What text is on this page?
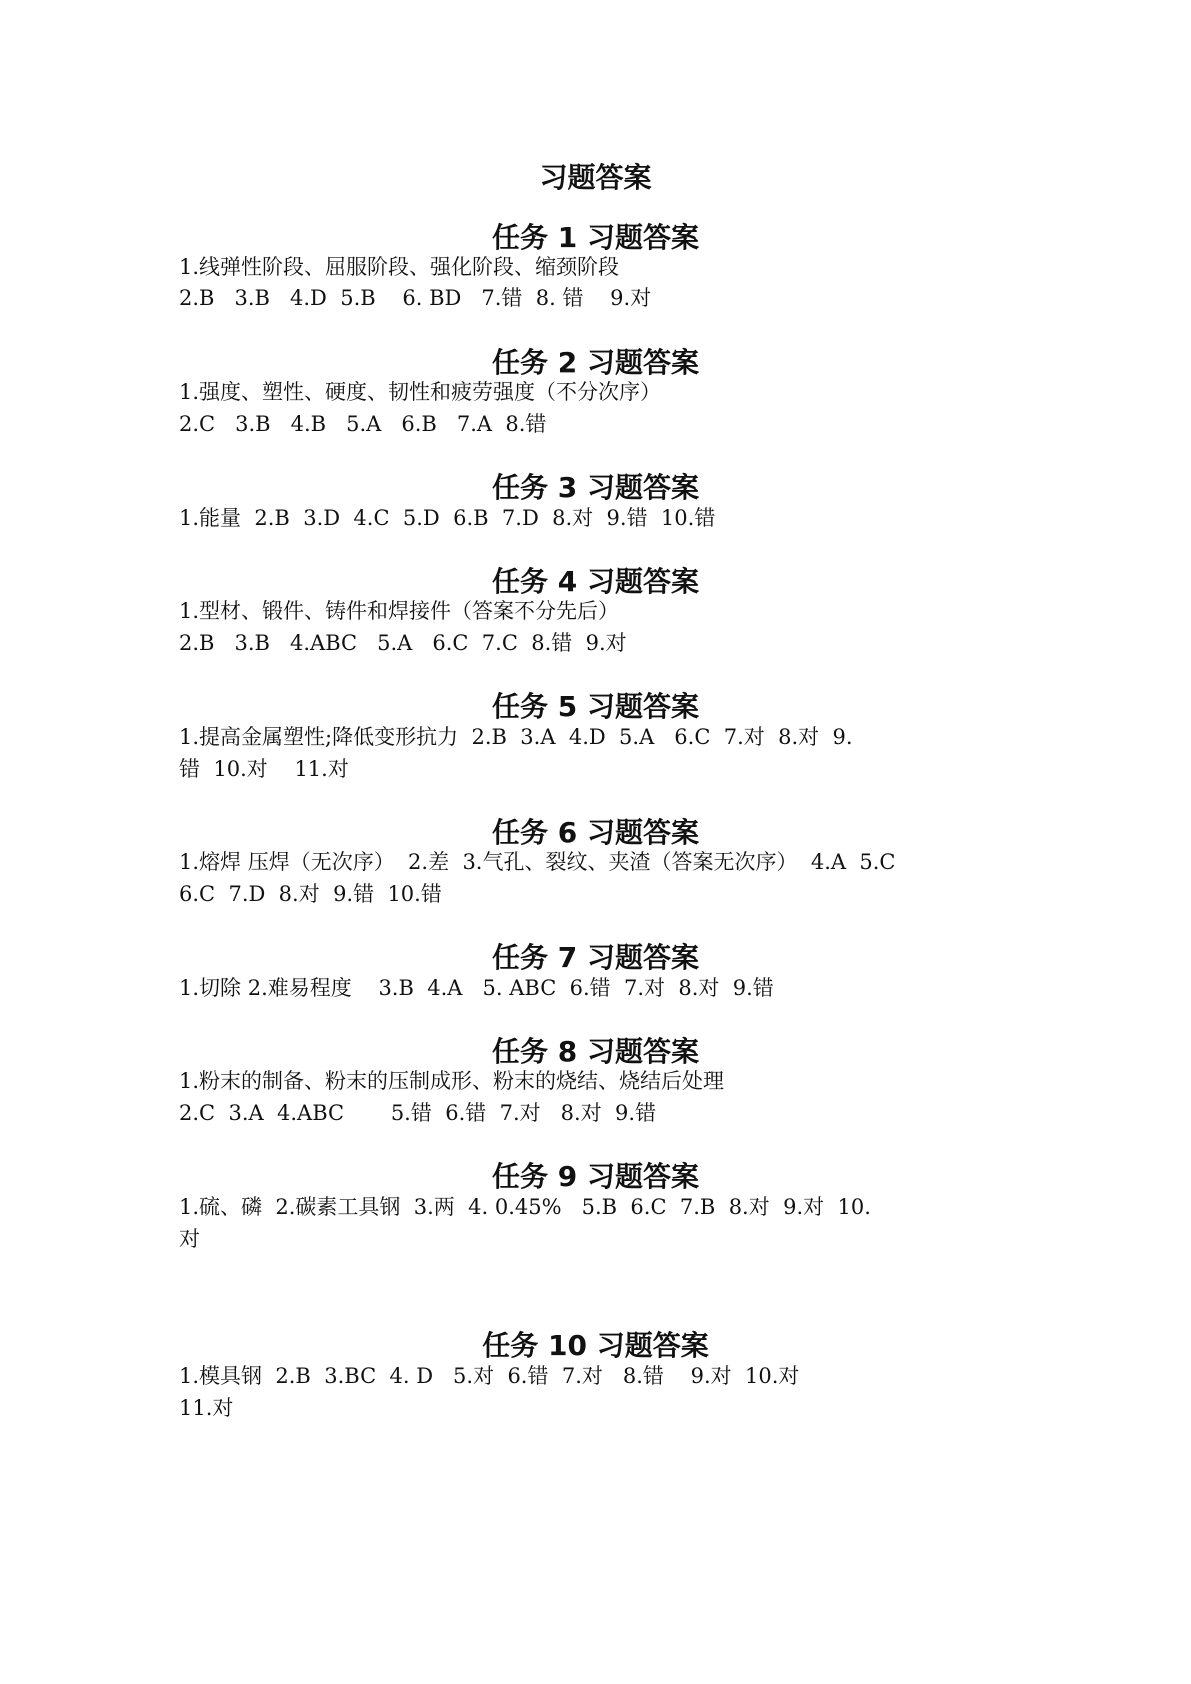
习题答案
任务 1 习题答案

1.线弹性阶段、屈服阶段、强化阶段、缩颈阶段

2.B   3.B   4.D  5.B    6. BD   7.错  8. 错    9.对

任务 2 习题答案

1.强度、塑性、硬度、韧性和疲劳强度（不分次序）

2.C   3.B   4.B   5.A   6.B   7.A  8.错

任务 3 习题答案

1.能量  2.B  3.D  4.C  5.D  6.B  7.D  8.对  9.错  10.错

任务 4 习题答案

1.型材、锻件、铸件和焊接件（答案不分先后）

2.B   3.B   4.ABC   5.A   6.C  7.C  8.错  9.对

任务 5 习题答案

1.提高金属塑性;降低变形抗力  2.B  3.A  4.D  5.A   6.C  7.对  8.对  9.

错  10.对    11.对

任务 6 习题答案

1.熔焊 压焊（无次序）  2.差  3.气孔、裂纹、夹渣（答案无次序）  4.A  5.C

6.C  7.D  8.对  9.错  10.错

任务 7 习题答案

1.切除 2.难易程度    3.B  4.A   5. ABC  6.错  7.对  8.对  9.错

任务 8 习题答案

1.粉末的制备、粉末的压制成形、粉末的烧结、烧结后处理

2.C  3.A  4.ABC       5.错  6.错  7.对   8.对  9.错

任务 9 习题答案

1.硫、磷  2.碳素工具钢  3.两  4. 0.45%   5.B  6.C  7.B  8.对  9.对  10.

对

任务 10 习题答案

1.模具钢  2.B  3.BC  4. D   5.对  6.错  7.对   8.错    9.对  10.对

11.对
